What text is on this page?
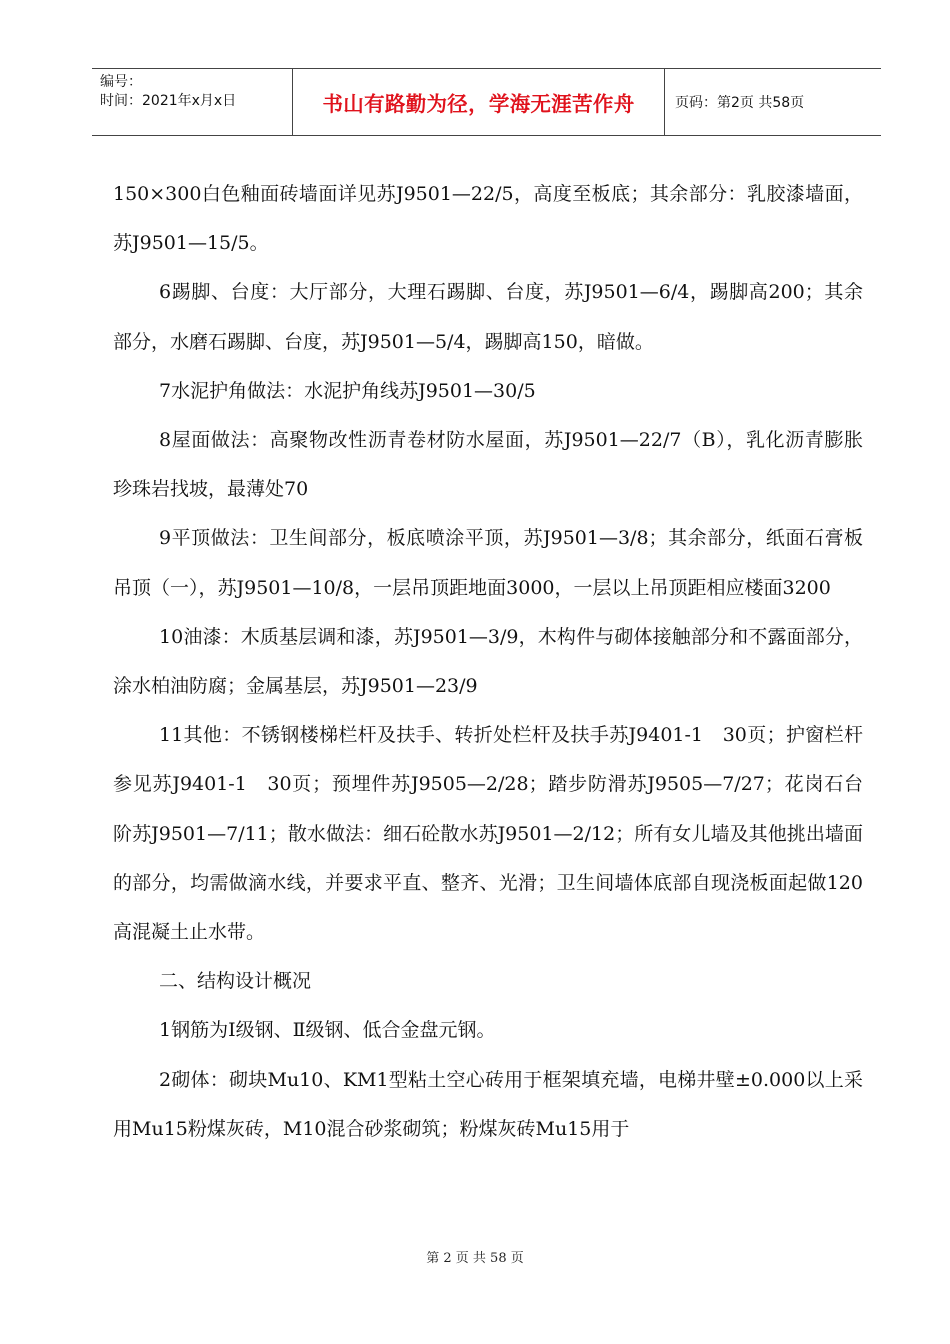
编号：
时间：2021年x月x日	书山有路勤为径，学海无涯苦作舟	页码：第2页 共58页

150×300白色釉面砖墙面详见苏J9501—22/5，高度至板底；其余部分：乳胶漆墙面，苏J9501—15/5。

6踢脚、台度：大厅部分，大理石踢脚、台度，苏J9501—6/4，踢脚高200；其余部分，水磨石踢脚、台度，苏J9501—5/4，踢脚高150，暗做。

7水泥护角做法：水泥护角线苏J9501—30/5

8屋面做法：高聚物改性沥青卷材防水屋面，苏J9501—22/7（B），乳化沥青膨胀珍珠岩找坡，最薄处70

9平顶做法：卫生间部分，板底喷涂平顶，苏J9501—3/8；其余部分，纸面石膏板吊顶（一），苏J9501—10/8，一层吊顶距地面3000，一层以上吊顶距相应楼面3200

10油漆：木质基层调和漆，苏J9501—3/9，木构件与砌体接触部分和不露面部分，涂水柏油防腐；金属基层，苏J9501—23/9

11其他：不锈钢楼梯栏杆及扶手、转折处栏杆及扶手苏J9401-1　30页；护窗栏杆参见苏J9401-1　30页；预埋件苏J9505—2/28；踏步防滑苏J9505—7/27；花岗石台阶苏J9501—7/11；散水做法：细石砼散水苏J9501—2/12；所有女儿墙及其他挑出墙面的部分，均需做滴水线，并要求平直、整齐、光滑；卫生间墙体底部自现浇板面起做120高混凝土止水带。

二、结构设计概况

1钢筋为Ⅰ级钢、Ⅱ级钢、低合金盘元钢。

2砌体：砌块Mu10、KM1型粘土空心砖用于框架填充墙，电梯井壁±0.000以上采用Mu15粉煤灰砖，M10混合砂浆砌筑；粉煤灰砖Mu15用于

第 2 页 共 58 页
